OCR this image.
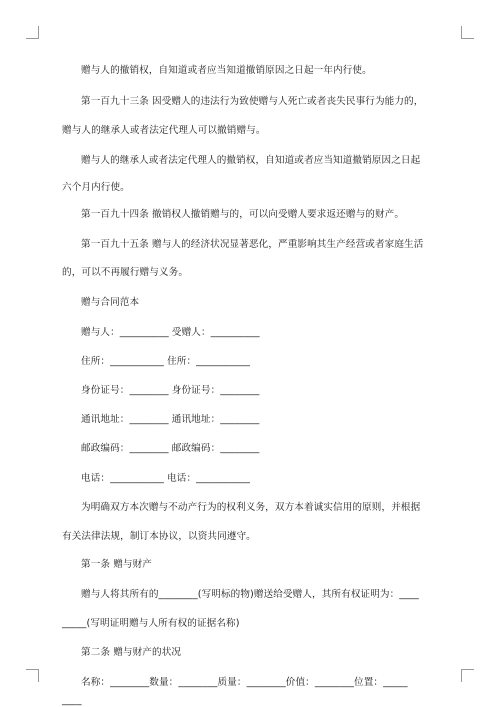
赠与人的撤销权，自知道或者应当知道撤销原因之日起一年内行使。
第一百九十三条 因受赠人的违法行为致使赠与人死亡或者丧失民事行为能力的，
赠与人的继承人或者法定代理人可以撤销赠与。
赠与人的继承人或者法定代理人的撤销权，自知道或者应当知道撤销原因之日起
六个月内行使。
第一百九十四条 撤销权人撤销赠与的，可以向受赠人要求返还赠与的财产。
第一百九十五条 赠与人的经济状况显著恶化，严重影响其生产经营或者家庭生活
的，可以不再履行赠与义务。
赠与合同范本
赠与人：__________ 受赠人：__________
住所：___________ 住所：___________
身份证号：________ 身份证号：________
通讯地址：________ 通讯地址：________
邮政编码：________ 邮政编码：________
电话：___________ 电话：___________
为明确双方本次赠与不动产行为的权利义务，双方本着诚实信用的原则，并根据
有关法律法规，制订本协议，以资共同遵守。
第一条 赠与财产
赠与人将其所有的________(写明标的物)赠送给受赠人，其所有权证明为：____
_____(写明证明赠与人所有权的证据名称)
第二条 赠与财产的状况
名称：________数量：________质量：________价值：________位置：_____
____
